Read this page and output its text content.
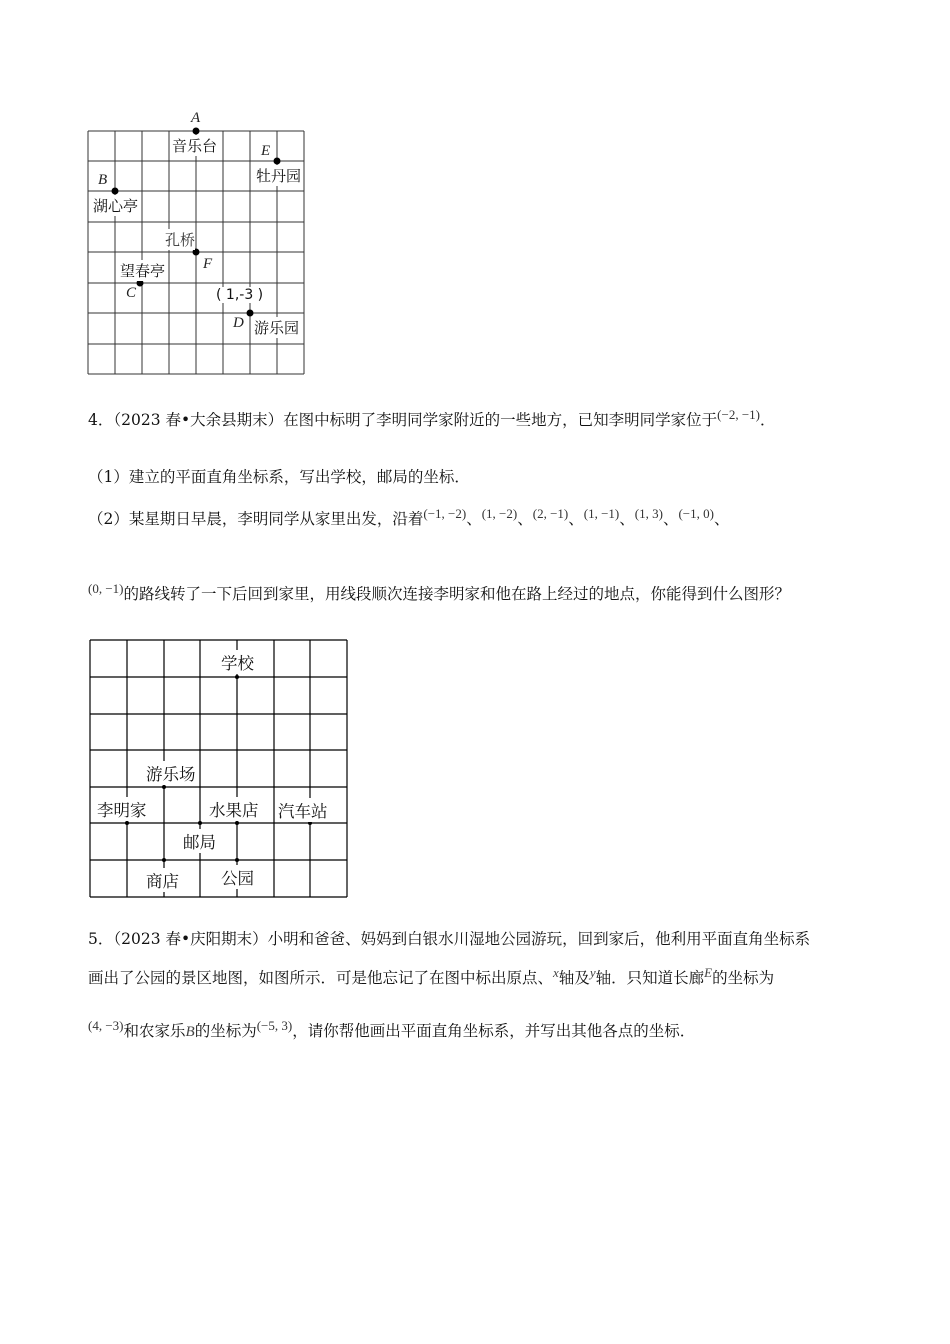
A
音乐台	E
牡丹园
B
湖心亭
孔桥
F
望春亭
C	( 1,-3 )
D 游乐园
4．（2023 春•大余县期末）在图中标明了李明同学家附近的一些地方，已知李明同学家位于$^{(-2, -1)}$．
（1）建立的平面直角坐标系，写出学校，邮局的坐标．
（2）某星期日早晨，李明同学从家里出发，沿着$^{(-1, -2)}$、$^{(1, -2)}$、$^{(2, -1)}$、$^{(1, -1)}$、$^{(1, 3)}$、$^{(-1, 0)}$、
$^{(0, -1)}$的路线转了一下后回到家里，用线段顺次连接李明家和他在路上经过的地点，你能得到什么图形？
学校
游乐场
李明家	水果店 汽车站
邮局
商店	公园
5．（2023 春•庆阳期末）小明和爸爸、妈妈到白银水川湿地公园游玩，回到家后，他利用平面直角坐标系
画出了公园的景区地图，如图所示．可是他忘记了在图中标出原点、$^x$轴及$^y$轴．只知道长廊$^E$的坐标为
$^{(4, -3)}$和农家乐B的坐标为$^{(-5, 3)}$，请你帮他画出平面直角坐标系，并写出其他各点的坐标．
